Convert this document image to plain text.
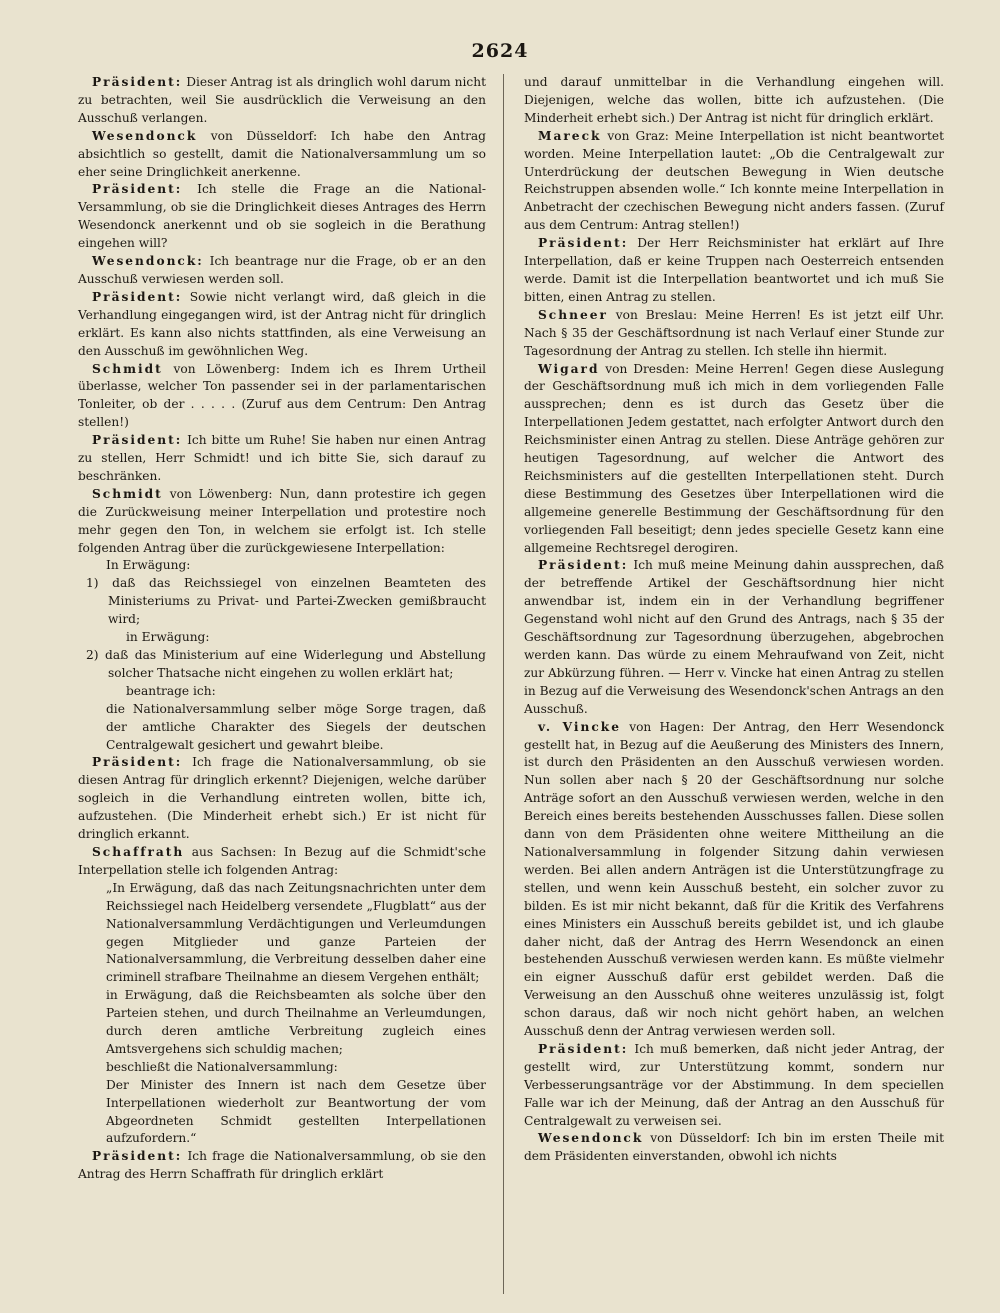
2624

Präsident: Dieser Antrag ist als dringlich wohl darum nicht zu betrachten, weil Sie ausdrücklich die Verweisung an den Ausschuß verlangen.

Wesendonck von Düsseldorf: Ich habe den Antrag absichtlich so gestellt, damit die Nationalversammlung um so eher seine Dringlichkeit anerkenne.

Präsident: Ich stelle die Frage an die National-Versammlung, ob sie die Dringlichkeit dieses Antrages des Herrn Wesendonck anerkennt und ob sie sogleich in die Berathung eingehen will?

Wesendonck: Ich beantrage nur die Frage, ob er an den Ausschuß verwiesen werden soll.

Präsident: Sowie nicht verlangt wird, daß gleich in die Verhandlung eingegangen wird, ist der Antrag nicht für dringlich erklärt. Es kann also nichts stattfinden, als eine Verweisung an den Ausschuß im gewöhnlichen Weg.

Schmidt von Löwenberg: Indem ich es Ihrem Urtheil überlasse, welcher Ton passender sei in der parlamentarischen Tonleiter, ob der . . . . . (Zuruf aus dem Centrum: Den Antrag stellen!)

Präsident: Ich bitte um Ruhe! Sie haben nur einen Antrag zu stellen, Herr Schmidt! und ich bitte Sie, sich darauf zu beschränken.

Schmidt von Löwenberg: Nun, dann protestire ich gegen die Zurückweisung meiner Interpellation und protestire noch mehr gegen den Ton, in welchem sie erfolgt ist. Ich stelle folgenden Antrag über die zurückgewiesene Interpellation:

In Erwägung:

1) daß das Reichssiegel von einzelnen Beamteten des Ministeriums zu Privat- und Partei-Zwecken gemißbraucht wird;

in Erwägung:

2) daß das Ministerium auf eine Widerlegung und Abstellung solcher Thatsache nicht eingehen zu wollen erklärt hat;

beantrage ich:

die Nationalversammlung selber möge Sorge tragen, daß der amtliche Charakter des Siegels der deutschen Centralgewalt gesichert und gewahrt bleibe.

Präsident: Ich frage die Nationalversammlung, ob sie diesen Antrag für dringlich erkennt? Diejenigen, welche darüber sogleich in die Verhandlung eintreten wollen, bitte ich, aufzustehen. (Die Minderheit erhebt sich.) Er ist nicht für dringlich erkannt.

Schaffrath aus Sachsen: In Bezug auf die Schmidt'sche Interpellation stelle ich folgenden Antrag:

„In Erwägung, daß das nach Zeitungsnachrichten unter dem Reichssiegel nach Heidelberg versendete „Flugblatt“ aus der Nationalversammlung Verdächtigungen und Verleumdungen gegen Mitglieder und ganze Parteien der Nationalversammlung, die Verbreitung desselben daher eine criminell strafbare Theilnahme an diesem Vergehen enthält;

in Erwägung, daß die Reichsbeamten als solche über den Parteien stehen, und durch Theilnahme an Verleumdungen, durch deren amtliche Verbreitung zugleich eines Amtsvergehens sich schuldig machen;

beschließt die Nationalversammlung:

Der Minister des Innern ist nach dem Gesetze über Interpellationen wiederholt zur Beantwortung der vom Abgeordneten Schmidt gestellten Interpellationen aufzufordern.“

Präsident: Ich frage die Nationalversammlung, ob sie den Antrag des Herrn Schaffrath für dringlich erklärt

und darauf unmittelbar in die Verhandlung eingehen will. Diejenigen, welche das wollen, bitte ich aufzustehen. (Die Minderheit erhebt sich.) Der Antrag ist nicht für dringlich erklärt.

Mareck von Graz: Meine Interpellation ist nicht beantwortet worden. Meine Interpellation lautet: „Ob die Centralgewalt zur Unterdrückung der deutschen Bewegung in Wien deutsche Reichstruppen absenden wolle.“ Ich konnte meine Interpellation in Anbetracht der czechischen Bewegung nicht anders fassen. (Zuruf aus dem Centrum: Antrag stellen!)

Präsident: Der Herr Reichsminister hat erklärt auf Ihre Interpellation, daß er keine Truppen nach Oesterreich entsenden werde. Damit ist die Interpellation beantwortet und ich muß Sie bitten, einen Antrag zu stellen.

Schneer von Breslau: Meine Herren! Es ist jetzt eilf Uhr. Nach § 35 der Geschäftsordnung ist nach Verlauf einer Stunde zur Tagesordnung der Antrag zu stellen. Ich stelle ihn hiermit.

Wigard von Dresden: Meine Herren! Gegen diese Auslegung der Geschäftsordnung muß ich mich in dem vorliegenden Falle aussprechen; denn es ist durch das Gesetz über die Interpellationen Jedem gestattet, nach erfolgter Antwort durch den Reichsminister einen Antrag zu stellen. Diese Anträge gehören zur heutigen Tagesordnung, auf welcher die Antwort des Reichsministers auf die gestellten Interpellationen steht. Durch diese Bestimmung des Gesetzes über Interpellationen wird die allgemeine generelle Bestimmung der Geschäftsordnung für den vorliegenden Fall beseitigt; denn jedes specielle Gesetz kann eine allgemeine Rechtsregel derogiren.

Präsident: Ich muß meine Meinung dahin aussprechen, daß der betreffende Artikel der Geschäftsordnung hier nicht anwendbar ist, indem ein in der Verhandlung begriffener Gegenstand wohl nicht auf den Grund des Antrags, nach § 35 der Geschäftsordnung zur Tagesordnung überzugehen, abgebrochen werden kann. Das würde zu einem Mehraufwand von Zeit, nicht zur Abkürzung führen. — Herr v. Vincke hat einen Antrag zu stellen in Bezug auf die Verweisung des Wesendonck'schen Antrags an den Ausschuß.

v. Vincke von Hagen: Der Antrag, den Herr Wesendonck gestellt hat, in Bezug auf die Aeußerung des Ministers des Innern, ist durch den Präsidenten an den Ausschuß verwiesen worden. Nun sollen aber nach § 20 der Geschäftsordnung nur solche Anträge sofort an den Ausschuß verwiesen werden, welche in den Bereich eines bereits bestehenden Ausschusses fallen. Diese sollen dann von dem Präsidenten ohne weitere Mittheilung an die Nationalversammlung in folgender Sitzung dahin verwiesen werden. Bei allen andern Anträgen ist die Unterstützungfrage zu stellen, und wenn kein Ausschuß besteht, ein solcher zuvor zu bilden. Es ist mir nicht bekannt, daß für die Kritik des Verfahrens eines Ministers ein Ausschuß bereits gebildet ist, und ich glaube daher nicht, daß der Antrag des Herrn Wesendonck an einen bestehenden Ausschuß verwiesen werden kann. Es müßte vielmehr ein eigner Ausschuß dafür erst gebildet werden. Daß die Verweisung an den Ausschuß ohne weiteres unzulässig ist, folgt schon daraus, daß wir noch nicht gehört haben, an welchen Ausschuß denn der Antrag verwiesen werden soll.

Präsident: Ich muß bemerken, daß nicht jeder Antrag, der gestellt wird, zur Unterstützung kommt, sondern nur Verbesserungsanträge vor der Abstimmung. In dem speciellen Falle war ich der Meinung, daß der Antrag an den Ausschuß für Centralgewalt zu verweisen sei.

Wesendonck von Düsseldorf: Ich bin im ersten Theile mit dem Präsidenten einverstanden, obwohl ich nichts
